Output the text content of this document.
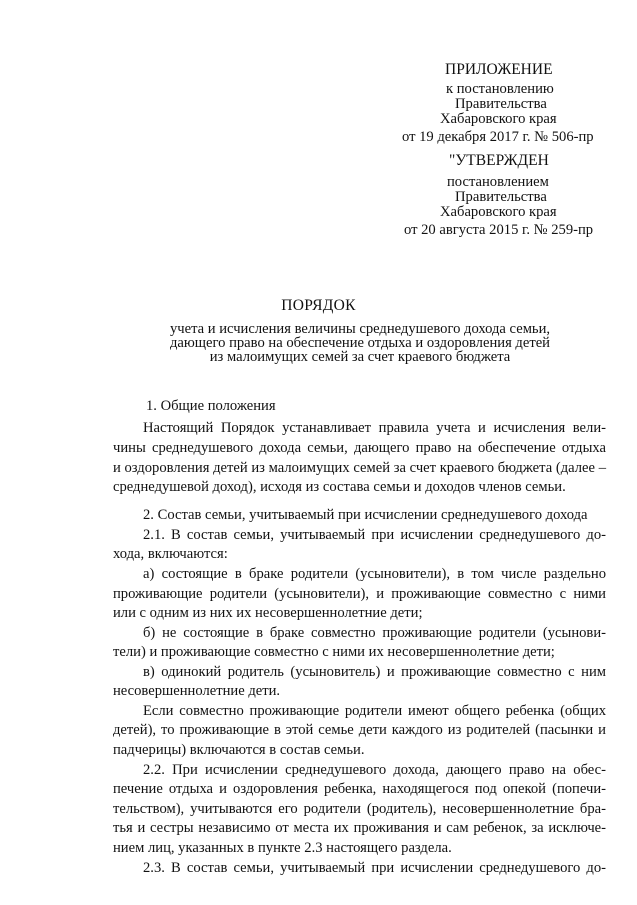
ПРИЛОЖЕНИЕ
к постановлению
Правительства
Хабаровского края
от 19 декабря 2017 г. № 506-пр
"УТВЕРЖДЕН
постановлением
Правительства
Хабаровского края
от 20 августа 2015 г. № 259-пр
ПОРЯДОК
учета и исчисления величины среднедушевого дохода семьи,
дающего право на обеспечение отдыха и оздоровления детей
из малоимущих семей за счет краевого бюджета
1. Общие положения
Настоящий Порядок устанавливает правила учета и исчисления вели-
чины среднедушевого дохода семьи, дающего право на обеспечение отдыха
и оздоровления детей из малоимущих семей за счет краевого бюджета (далее –
среднедушевой доход), исходя из состава семьи и доходов членов семьи.
2. Состав семьи, учитываемый при исчислении среднедушевого дохода
2.1. В состав семьи, учитываемый при исчислении среднедушевого до-
хода, включаются:
а) состоящие в браке родители (усыновители), в том числе раздельно
проживающие родители (усыновители), и проживающие совместно с ними
или с одним из них их несовершеннолетние дети;
б) не состоящие в браке совместно проживающие родители (усынови-
тели) и проживающие совместно с ними их несовершеннолетние дети;
в) одинокий родитель (усыновитель) и проживающие совместно с ним
несовершеннолетние дети.
Если совместно проживающие родители имеют общего ребенка (общих
детей), то проживающие в этой семье дети каждого из родителей (пасынки и
падчерицы) включаются в состав семьи.
2.2. При исчислении среднедушевого дохода, дающего право на обес-
печение отдыха и оздоровления ребенка, находящегося под опекой (попечи-
тельством), учитываются его родители (родитель), несовершеннолетние бра-
тья и сестры независимо от места их проживания и сам ребенок, за исключе-
нием лиц, указанных в пункте 2.3 настоящего раздела.
2.3. В состав семьи, учитываемый при исчислении среднедушевого до-
